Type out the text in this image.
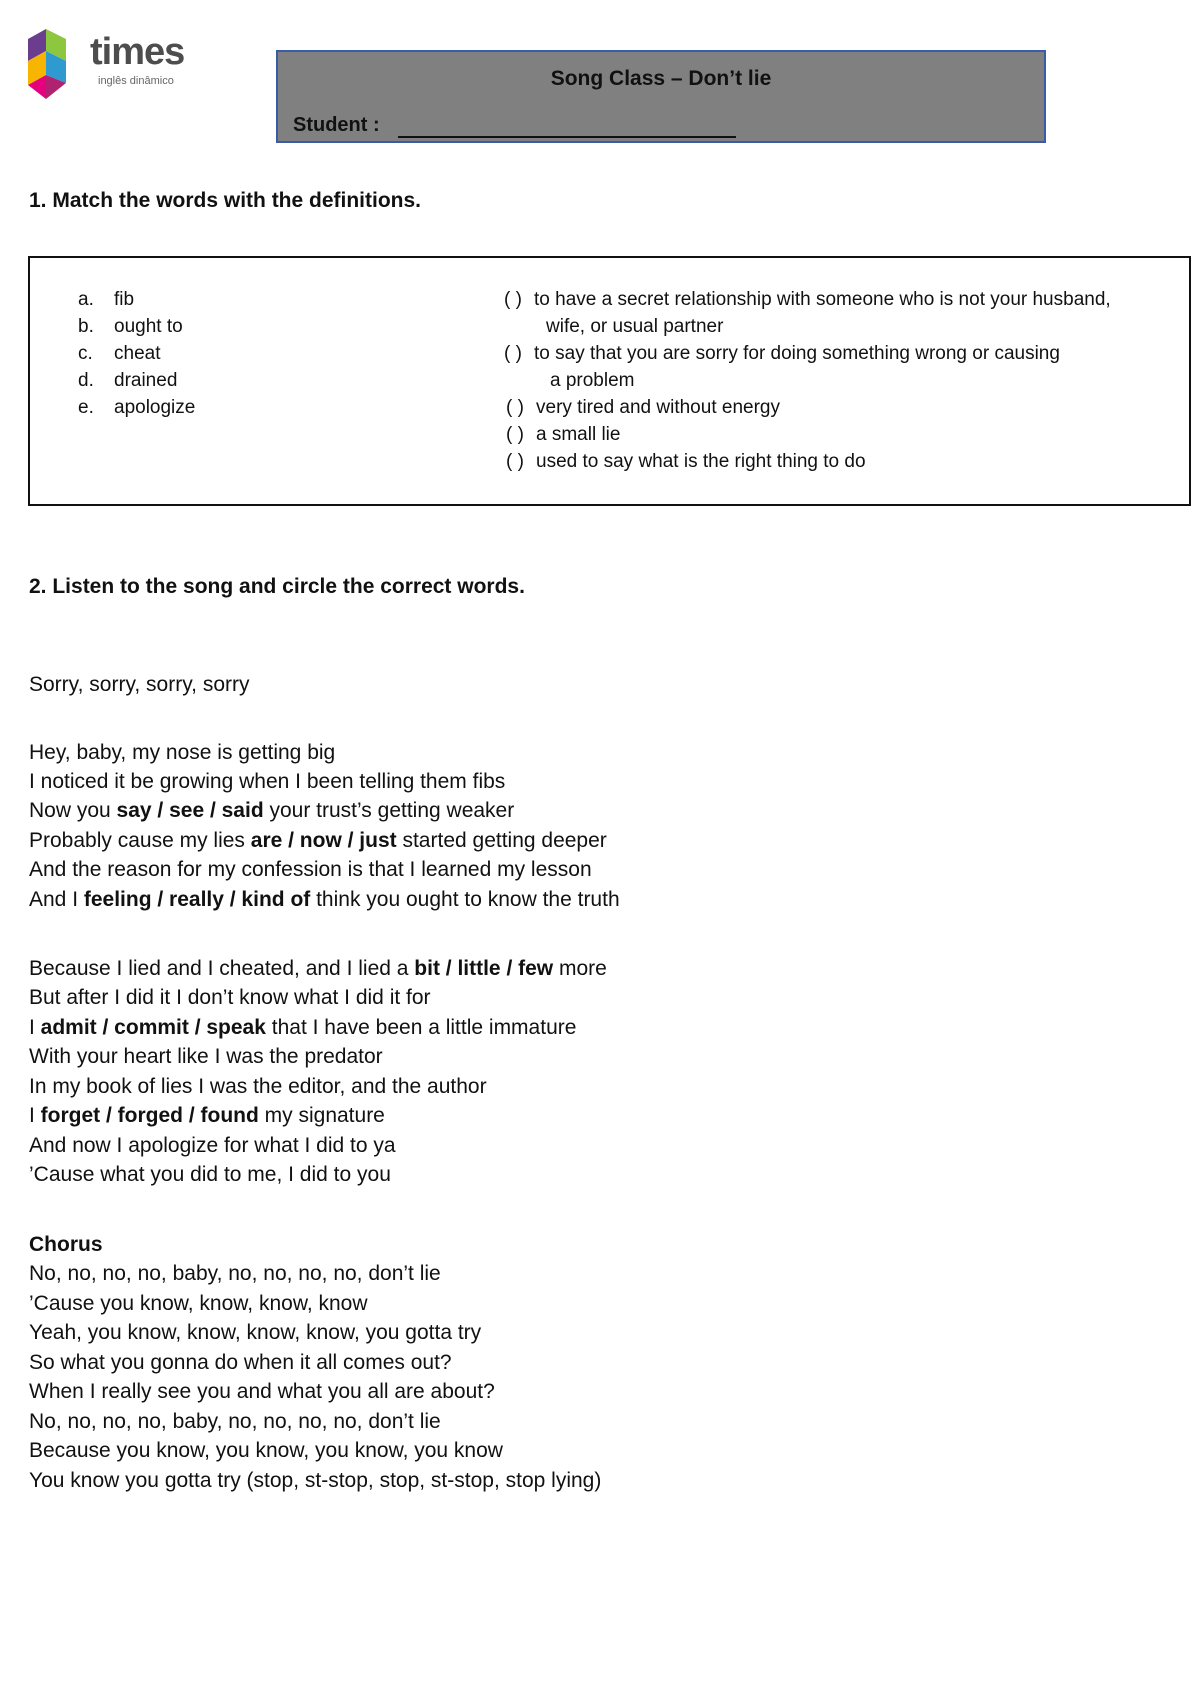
times
inglês dinâmico	Song Class – Don’t lie
Student :
1. Match the words with the definitions.
a. fib
b. ought to
c. cheat
d. drained
e. apologize
( ) to have a secret relationship with someone who is not your husband,
wife, or usual partner
( ) to say that you are sorry for doing something wrong or causing
a problem
( ) very tired and without energy
( ) a small lie
( ) used to say what is the right thing to do
2. Listen to the song and circle the correct words.
Sorry, sorry, sorry, sorry
Hey, baby, my nose is getting big
I noticed it be growing when I been telling them fibs
Now you say / see / said your trust’s getting weaker
Probably cause my lies are / now / just started getting deeper
And the reason for my confession is that I learned my lesson
And I feeling / really / kind of think you ought to know the truth
Because I lied and I cheated, and I lied a bit / little / few more
But after I did it I don’t know what I did it for
I admit / commit / speak that I have been a little immature
With your heart like I was the predator
In my book of lies I was the editor, and the author
I forget / forged / found my signature
And now I apologize for what I did to ya
’Cause what you did to me, I did to you
Chorus
No, no, no, no, baby, no, no, no, no, don’t lie
’Cause you know, know, know, know
Yeah, you know, know, know, know, you gotta try
So what you gonna do when it all comes out?
When I really see you and what you all are about?
No, no, no, no, baby, no, no, no, no, don’t lie
Because you know, you know, you know, you know
You know you gotta try (stop, st-stop, stop, st-stop, stop lying)
